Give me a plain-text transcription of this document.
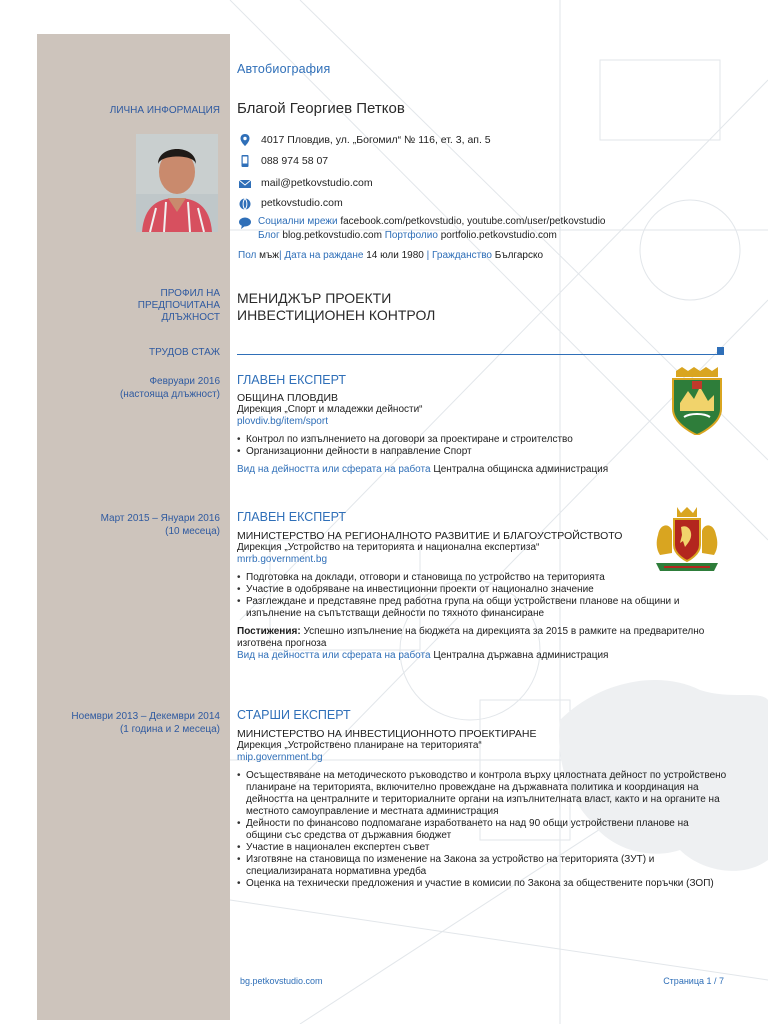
Автобиография
ЛИЧНА ИНФОРМАЦИЯ Благой Георгиев Петков
4017 Пловдив, ул. „Богомил“ № 116, ет. 3, ап. 5
088 974 58 07
mail@petkovstudio.com
petkovstudio.com
Социални мрежи facebook.com/petkovstudio, youtube.com/user/petkovstudio
Блог blog.petkovstudio.com Портфолио portfolio.petkovstudio.com
Пол мъж| Дата на раждане 14 юли 1980 | Гражданство Българско
ПРОФИЛ НА
ПРЕДПОЧИТАНА
ДЛЪЖНОСТ
МЕНИДЖЪР ПРОЕКТИ
ИНВЕСТИЦИОНЕН КОНТРОЛ
ТРУДОВ СТАЖ
Февруари 2016
(настояща длъжност)
ГЛАВЕН ЕКСПЕРТ
ОБЩИНА ПЛОВДИВ
Дирекция „Спорт и младежки дейности“
plovdiv.bg/item/sport
• Контрол по изпълнението на договори за проектиране и строителство
• Организационни дейности в направление Спорт
Вид на дейността или сферата на работа Централна общинска администрация
Март 2015 – Януари 2016
(10 месеца)
ГЛАВЕН ЕКСПЕРТ
МИНИСТЕРСТВО НА РЕГИОНАЛНОТО РАЗВИТИЕ И БЛАГОУСТРОЙСТВОТО
Дирекция „Устройство на територията и национална експертиза“
mrrb.government.bg
• Подготовка на доклади, отговори и становища по устройство на територията
• Участие в одобряване на инвестиционни проекти от национално значение
• Разглеждане и представяне пред работна група на общи устройствени планове на общини и изпълнение на съпътстващи дейности по тяхното финансиране
Постижения: Успешно изпълнение на бюджета на дирекцията за 2015 в рамките на предварително изготвена прогноза
Вид на дейността или сферата на работа Централна държавна администрация
Ноември 2013 – Декември 2014
(1 година и 2 месеца)
СТАРШИ ЕКСПЕРТ
МИНИСТЕРСТВО НА ИНВЕСТИЦИОННОТО ПРОЕКТИРАНЕ
Дирекция „Устройствено планиране на територията“
mip.government.bg
• Осъществяване на методическото ръководство и контрола върху цялостната дейност по устройствено планиране на територията, включително провеждане на държавната политика и координация на дейността на централните и териториалните органи на изпълнителната власт, както и на органите на местното самоуправление и местната администрация
• Дейности по финансово подпомагане изработването на над 90 общи устройствени планове на общини със средства от държавния бюджет
• Участие в национален експертен съвет
• Изготвяне на становища по изменение на Закона за устройство на територията (ЗУТ) и специализираната нормативна уредба
• Оценка на технически предложения и участие в комисии по Закона за обществените поръчки (ЗОП)
bg.petkovstudio.com	Страница 1 / 7
